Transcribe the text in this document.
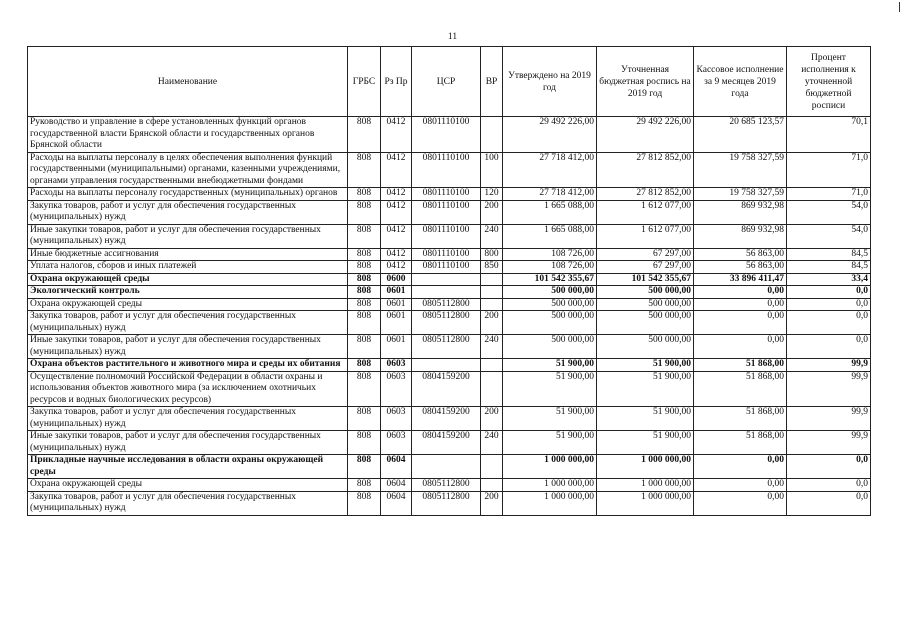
11
Наименование	ГРБС	Рз Пр	ЦСР	ВР	Утверждено на 2019 год	Уточненная бюджетная роспись на 2019 год	Кассовое исполнение за 9 месяцев 2019 года	Процент исполнения к уточненной бюджетной росписи
Руководство и управление в сфере установленных функций органов государственной власти Брянской области и государственных органов Брянской области	808	0412	0801110100		29 492 226,00	29 492 226,00	20 685 123,57	70,1
Расходы на выплаты персоналу в целях обеспечения выполнения функций государственными (муниципальными) органами, казенными учреждениями, органами управления государственными внебюджетными фондами	808	0412	0801110100	100	27 718 412,00	27 812 852,00	19 758 327,59	71,0
Расходы на выплаты персоналу государственных (муниципальных) органов	808	0412	0801110100	120	27 718 412,00	27 812 852,00	19 758 327,59	71,0
Закупка товаров, работ и услуг для обеспечения государственных (муниципальных) нужд	808	0412	0801110100	200	1 665 088,00	1 612 077,00	869 932,98	54,0
Иные закупки товаров, работ и услуг для обеспечения государственных (муниципальных) нужд	808	0412	0801110100	240	1 665 088,00	1 612 077,00	869 932,98	54,0
Иные бюджетные ассигнования	808	0412	0801110100	800	108 726,00	67 297,00	56 863,00	84,5
Уплата налогов, сборов и иных платежей	808	0412	0801110100	850	108 726,00	67 297,00	56 863,00	84,5
Охрана окружающей среды	808	0600			101 542 355,67	101 542 355,67	33 896 411,47	33,4
Экологический контроль	808	0601			500 000,00	500 000,00	0,00	0,0
Охрана окружающей среды	808	0601	0805112800		500 000,00	500 000,00	0,00	0,0
Закупка товаров, работ и услуг для обеспечения государственных (муниципальных) нужд	808	0601	0805112800	200	500 000,00	500 000,00	0,00	0,0
Иные закупки товаров, работ и услуг для обеспечения государственных (муниципальных) нужд	808	0601	0805112800	240	500 000,00	500 000,00	0,00	0,0
Охрана объектов растительного и животного мира и среды их обитания	808	0603			51 900,00	51 900,00	51 868,00	99,9
Осуществление полномочий Российской Федерации в области охраны и использования объектов животного мира (за исключением охотничьих ресурсов и водных биологических ресурсов)	808	0603	0804159200		51 900,00	51 900,00	51 868,00	99,9
Закупка товаров, работ и услуг для обеспечения государственных (муниципальных) нужд	808	0603	0804159200	200	51 900,00	51 900,00	51 868,00	99,9
Иные закупки товаров, работ и услуг для обеспечения государственных (муниципальных) нужд	808	0603	0804159200	240	51 900,00	51 900,00	51 868,00	99,9
Прикладные научные исследования в области охраны окружающей среды	808	0604			1 000 000,00	1 000 000,00	0,00	0,0
Охрана окружающей среды	808	0604	0805112800		1 000 000,00	1 000 000,00	0,00	0,0
Закупка товаров, работ и услуг для обеспечения государственных (муниципальных) нужд	808	0604	0805112800	200	1 000 000,00	1 000 000,00	0,00	0,0
